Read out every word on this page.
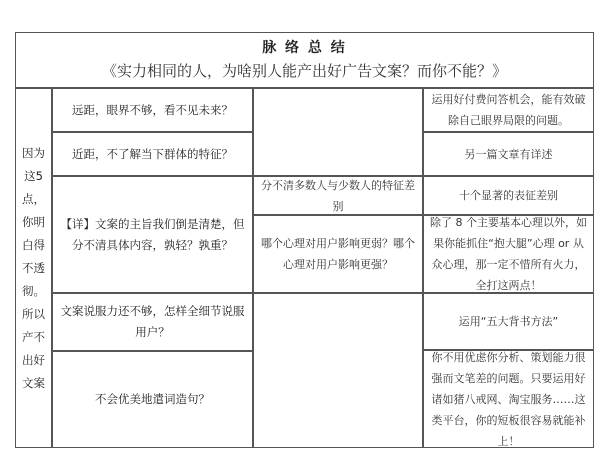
脉 络 总 结
《实力相同的人，为啥别人能产出好广告文案？而你不能？》
因为这5点，你明白得不透彻。所以产不出好文案
远距，眼界不够，看不见未来？
近距，不了解当下群体的特征？
【详】文案的主旨我们倒是清楚，但分不清具体内容，孰轻？孰重？
文案说服力还不够，怎样全细节说服用户？
不会优美地遣词造句？
分不清多数人与少数人的特征差别
哪个心理对用户影响更弱？哪个心理对用户影响更强？
运用好付费问答机会，能有效破除自己眼界局限的问题。
另一篇文章有详述
十个显著的表征差别
除了 8 个主要基本心理以外，如果你能抓住“抱大腿”心理 or 从众心理，那一定不惜所有火力，全打这两点！
运用“五大背书方法”
你不用优虑你分析、策划能力很强而文笔差的问题。只要运用好诸如猪八戒网、淘宝服务……这类平台，你的短板很容易就能补上！
